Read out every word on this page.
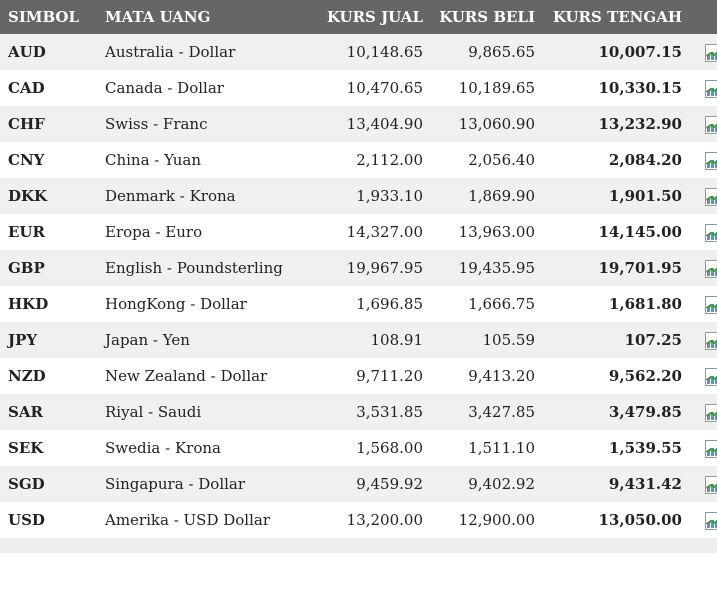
SIMBOL	MATA UANG	KURS JUAL	KURS BELI	KURS TENGAH	
AUD	Australia - Dollar	10,148.65	9,865.65	10,007.15	
CAD	Canada - Dollar	10,470.65	10,189.65	10,330.15	
CHF	Swiss - Franc	13,404.90	13,060.90	13,232.90	
CNY	China - Yuan	2,112.00	2,056.40	2,084.20	
DKK	Denmark - Krona	1,933.10	1,869.90	1,901.50	
EUR	Eropa - Euro	14,327.00	13,963.00	14,145.00	
GBP	English - Poundsterling	19,967.95	19,435.95	19,701.95	
HKD	HongKong - Dollar	1,696.85	1,666.75	1,681.80	
JPY	Japan - Yen	108.91	105.59	107.25	
NZD	New Zealand - Dollar	9,711.20	9,413.20	9,562.20	
SAR	Riyal - Saudi	3,531.85	3,427.85	3,479.85	
SEK	Swedia - Krona	1,568.00	1,511.10	1,539.55	
SGD	Singapura - Dollar	9,459.92	9,402.92	9,431.42	
USD	Amerika - USD Dollar	13,200.00	12,900.00	13,050.00	
